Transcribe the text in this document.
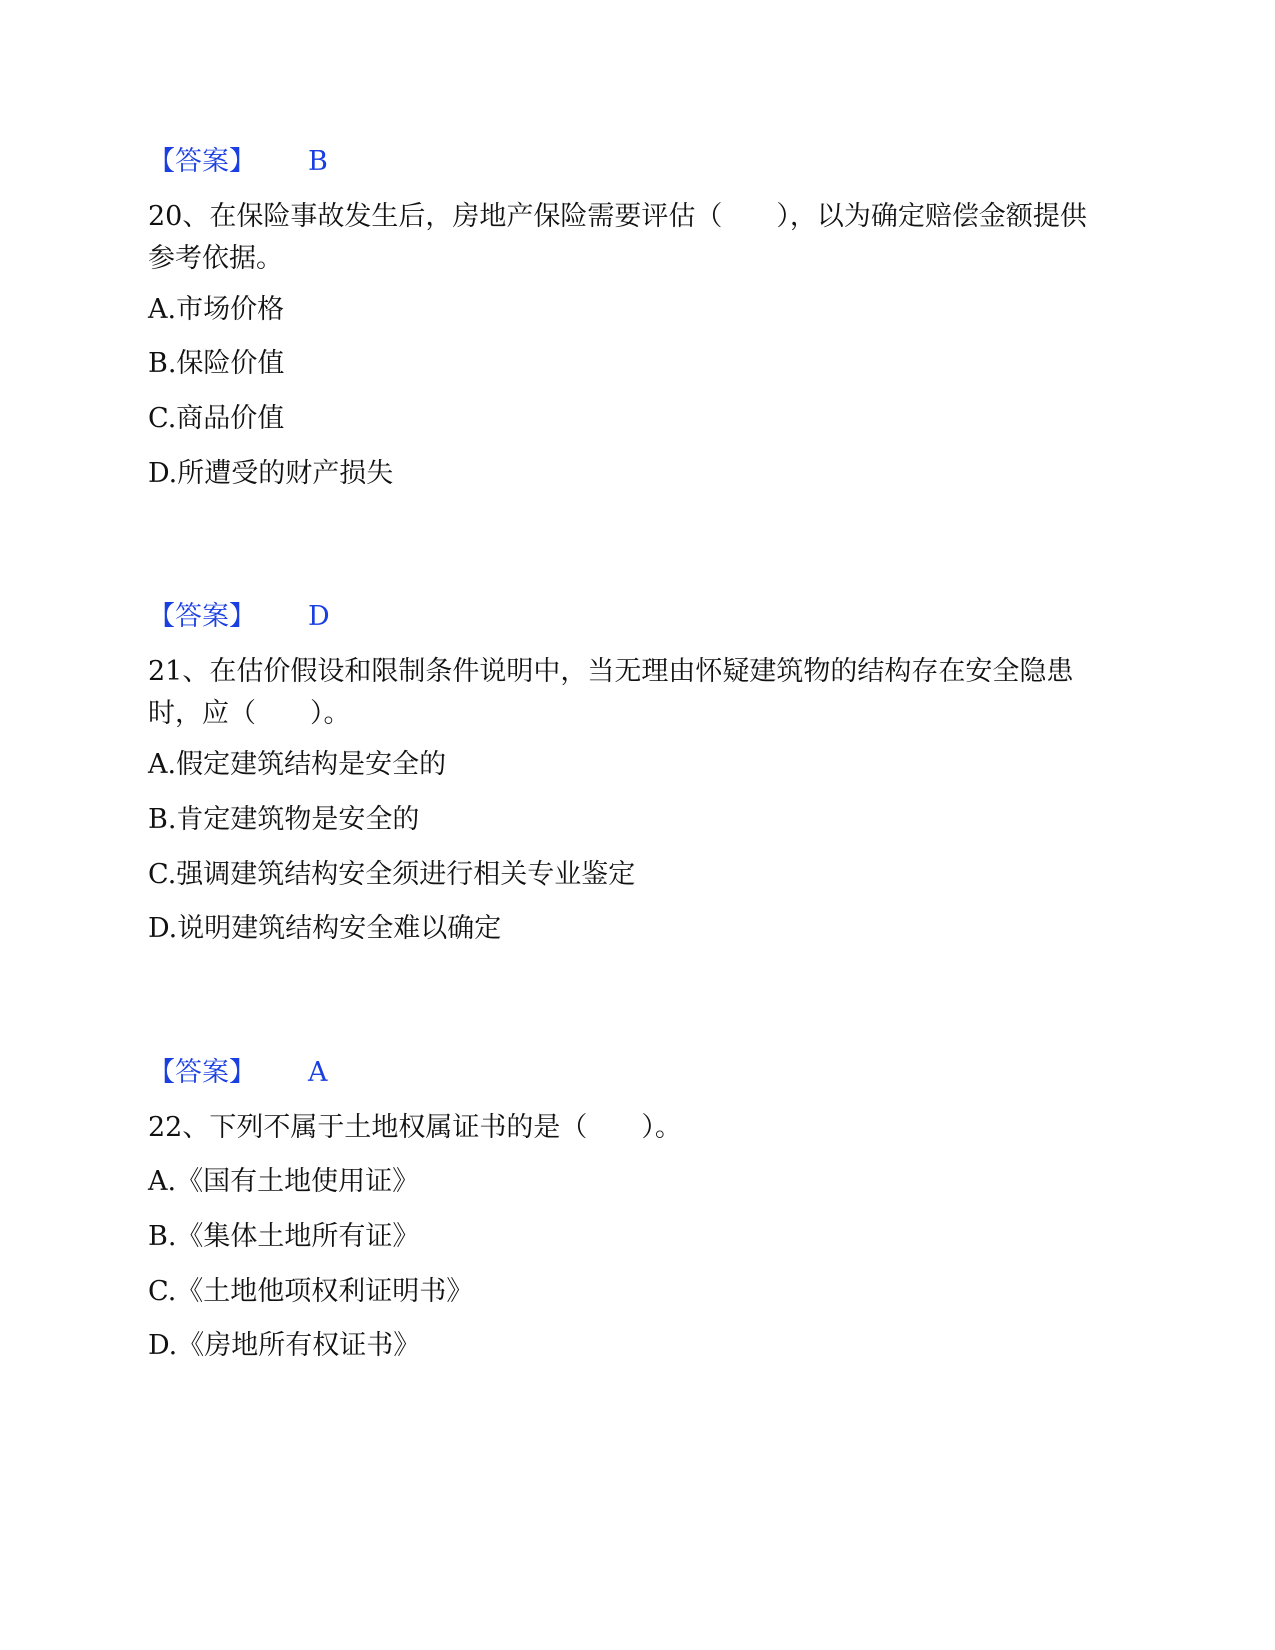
【答案】 B
20、在保险事故发生后，房地产保险需要评估（　　），以为确定赔偿金额提供参考依据。
A.市场价格
B.保险价值
C.商品价值
D.所遭受的财产损失
【答案】 D
21、在估价假设和限制条件说明中，当无理由怀疑建筑物的结构存在安全隐患时，应（　　）。
A.假定建筑结构是安全的
B.肯定建筑物是安全的
C.强调建筑结构安全须进行相关专业鉴定
D.说明建筑结构安全难以确定
【答案】 A
22、下列不属于土地权属证书的是（　　）。
A.《国有土地使用证》
B.《集体土地所有证》
C.《土地他项权利证明书》
D.《房地所有权证书》
